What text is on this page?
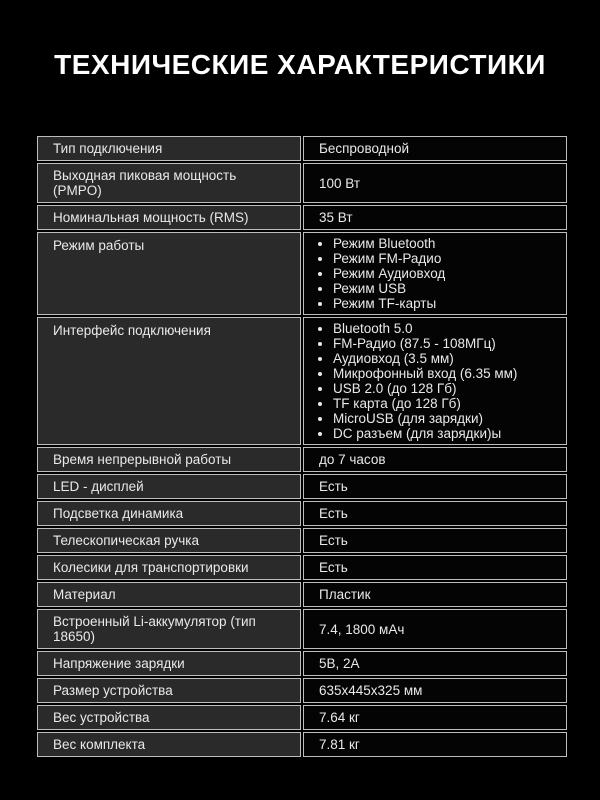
ТЕХНИЧЕСКИЕ ХАРАКТЕРИСТИКИ
Тип подключения	Беспроводной
Выходная пиковая мощность (PMPO)	100 Вт
Номинальная мощность (RMS)	35 Вт
Режим работы	• Режим Bluetooth
• Режим FM-Радио
• Режим Аудиовход
• Режим USB
• Режим TF-карты
Интерфейс подключения	• Bluetooth 5.0
• FM-Радио (87.5 - 108МГц)
• Аудиовход (3.5 мм)
• Микрофонный вход (6.35 мм)
• USB 2.0 (до 128 Гб)
• TF карта (до 128 Гб)
• MicroUSB (для зарядки)
• DC разъем (для зарядки)ы
Время непрерывной работы	до 7 часов
LED - дисплей	Есть
Подсветка динамика	Есть
Телескопическая ручка	Есть
Колесики для транспортировки	Есть
Материал	Пластик
Встроенный Li-аккумулятор (тип 18650)	7.4, 1800 мАч
Напряжение зарядки	5В, 2А
Размер устройства	635x445x325 мм
Вес устройства	7.64 кг
Вес комплекта	7.81 кг
